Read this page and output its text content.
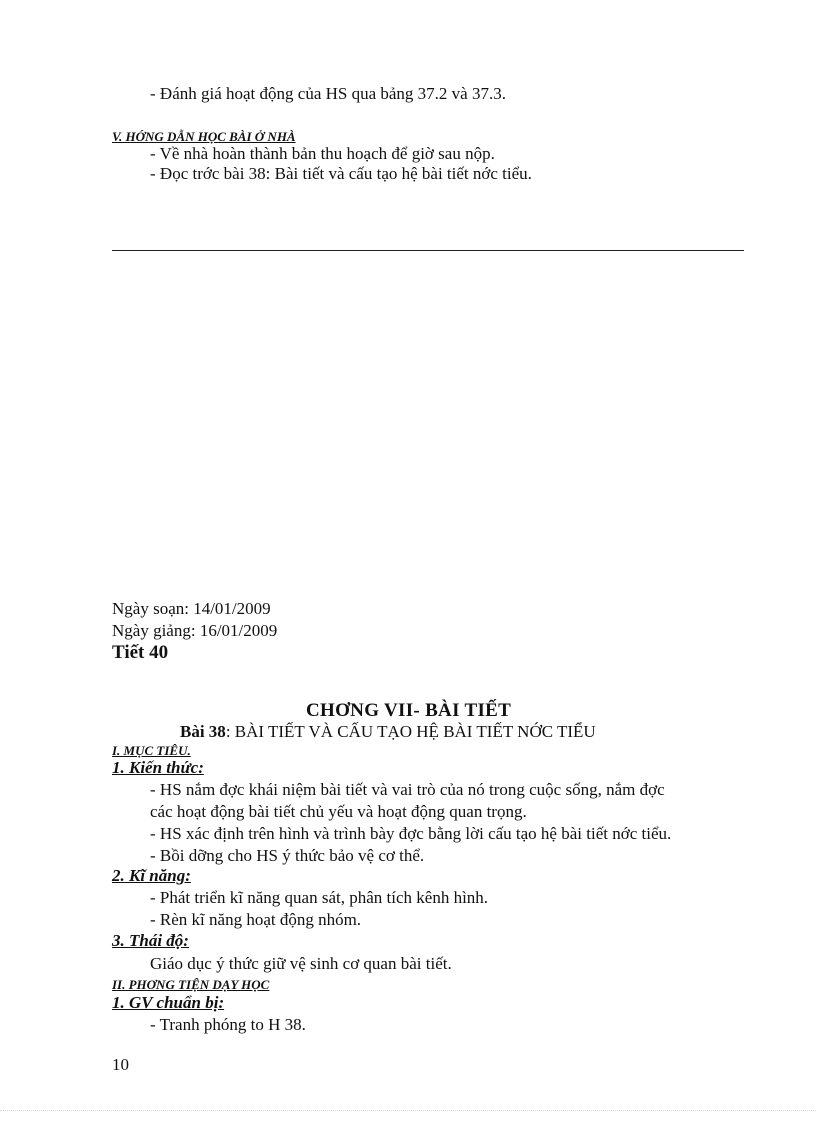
- Đánh giá hoạt động của HS qua bảng 37.2 và 37.3.
V. HỚNG DẪN HỌC BÀI Ở NHÀ
- Về nhà hoàn thành bản thu hoạch để giờ sau nộp.
- Đọc trớc bài 38: Bài tiết và cấu tạo hệ bài tiết nớc tiểu.
Ngày soạn: 14/01/2009
Ngày giảng: 16/01/2009
Tiết 40
CHƠNG VII- BÀI TIẾT
Bài 38: BÀI TIẾT VÀ CẤU TẠO HỆ BÀI TIẾT NỚC TIỂU
I. MỤC TIÊU.
1. Kiến thức:
- HS nắm đợc khái niệm bài tiết và vai trò của nó trong cuộc sống, nắm đợc
các hoạt động bài tiết chủ yếu và hoạt động quan trọng.
- HS xác định trên hình và trình bày đợc bằng lời cấu tạo hệ bài tiết nớc tiểu.
- Bồi dỡng cho HS ý thức bảo vệ cơ thể.
2. Kĩ năng:
- Phát triển kĩ năng quan sát, phân tích kênh hình.
- Rèn kĩ năng hoạt động nhóm.
3. Thái độ:
Giáo dục ý thức giữ vệ sinh cơ quan bài tiết.
II. PHƠNG TIỆN DẠY HỌC
1. GV chuẩn bị:
- Tranh phóng to H 38.
10
